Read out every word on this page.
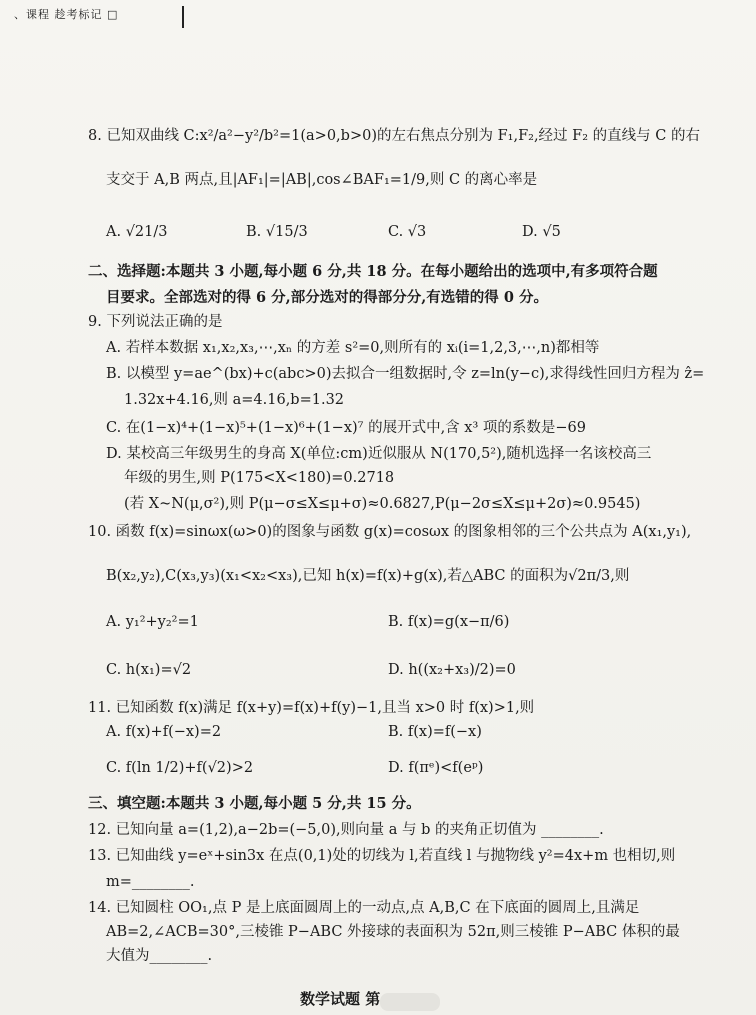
、课程 趁考标记 □
8. 已知双曲线 C:x²/a²−y²/b²=1(a>0,b>0)的左右焦点分别为 F₁,F₂,经过 F₂ 的直线与 C 的右
支交于 A,B 两点,且|AF₁|=|AB|,cos∠BAF₁=1/9,则 C 的离心率是
A. √21/3	B. √15/3	C. √3	D. √5
二、选择题:本题共 3 小题,每小题 6 分,共 18 分。在每小题给出的选项中,有多项符合题
目要求。全部选对的得 6 分,部分选对的得部分分,有选错的得 0 分。
9. 下列说法正确的是
A. 若样本数据 x₁,x₂,x₃,⋯,xₙ 的方差 s²=0,则所有的 xᵢ(i=1,2,3,⋯,n)都相等
B. 以模型 y=ae^(bx)+c(abc>0)去拟合一组数据时,令 z=ln(y−c),求得线性回归方程为 ẑ=
1.32x+4.16,则 a=4.16,b=1.32
C. 在(1−x)⁴+(1−x)⁵+(1−x)⁶+(1−x)⁷ 的展开式中,含 x³ 项的系数是−69
D. 某校高三年级男生的身高 X(单位:cm)近似服从 N(170,5²),随机选择一名该校高三
年级的男生,则 P(175<X<180)=0.2718
(若 X~N(μ,σ²),则 P(μ−σ≤X≤μ+σ)≈0.6827,P(μ−2σ≤X≤μ+2σ)≈0.9545)
10. 函数 f(x)=sinωx(ω>0)的图象与函数 g(x)=cosωx 的图象相邻的三个公共点为 A(x₁,y₁),
B(x₂,y₂),C(x₃,y₃)(x₁<x₂<x₃),已知 h(x)=f(x)+g(x),若△ABC 的面积为√2π/3,则
A. y₁²+y₂²=1	B. f(x)=g(x−π/6)
C. h(x₁)=√2	D. h((x₂+x₃)/2)=0
11. 已知函数 f(x)满足 f(x+y)=f(x)+f(y)−1,且当 x>0 时 f(x)>1,则
A. f(x)+f(−x)=2	B. f(x)=f(−x)
C. f(ln 1/2)+f(√2)>2	D. f(πᵉ)<f(eᵖ)
三、填空题:本题共 3 小题,每小题 5 分,共 15 分。
12. 已知向量 a=(1,2),a−2b=(−5,0),则向量 a 与 b 的夹角正切值为 ________.
13. 已知曲线 y=eˣ+sin3x 在点(0,1)处的切线为 l,若直线 l 与抛物线 y²=4x+m 也相切,则
m=________.
14. 已知圆柱 OO₁,点 P 是上底面圆周上的一动点,点 A,B,C 在下底面的圆周上,且满足
AB=2,∠ACB=30°,三棱锥 P−ABC 外接球的表面积为 52π,则三棱锥 P−ABC 体积的最
大值为________.
数学试题 第
